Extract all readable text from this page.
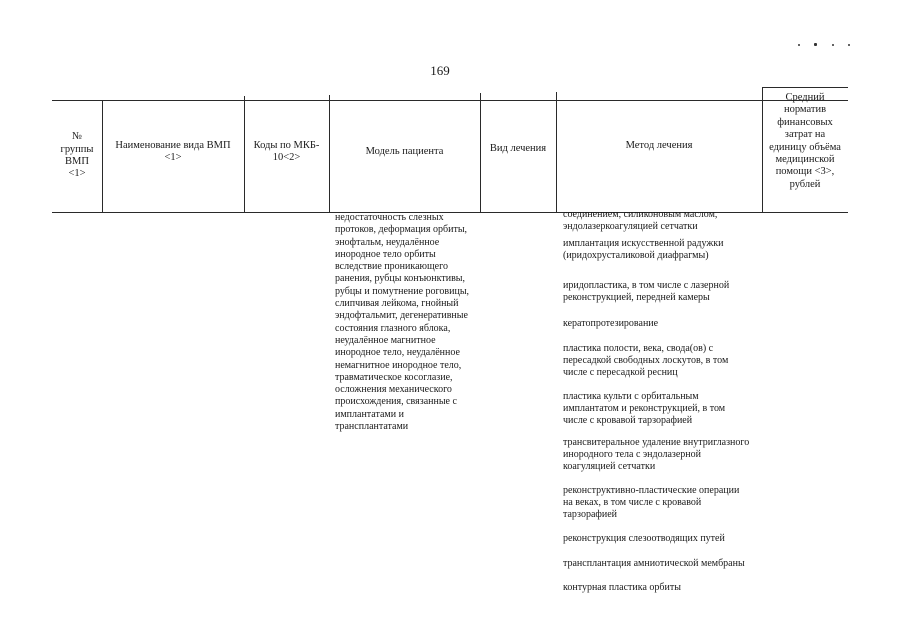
169
№
группы
ВМП
<1>
Наименование вида ВМП
<1>
Коды по МКБ-
10<2>
Модель пациента	Вид лечения	Метод лечения
Средний
норматив
финансовых
затрат на
единицу объёма
медицинской
помощи <3>,
рублей
недостаточность слезных
протоков, деформация орбиты,
энофтальм, неудалённое
инородное тело орбиты
вследствие проникающего
ранения, рубцы конъюнктивы,
рубцы и помутнение роговицы,
слипчивая лейкома, гнойный
эндофтальмит, дегенеративные
состояния глазного яблока,
неудалённое магнитное
инородное тело, неудалённое
немагнитное инородное тело,
травматическое косоглазие,
осложнения механического
происхождения, связанные с
имплантатами и
трансплантатами
соединением, силиконовым маслом,
эндолазеркоагуляцией сетчатки
имплантация искусственной радужки
(иридохрусталиковой диафрагмы)
иридопластика, в том числе с лазерной
реконструкцией, передней камеры
кератопротезирование
пластика полости, века, свода(ов) с
пересадкой свободных лоскутов, в том
числе с пересадкой ресниц
пластика культи с орбитальным
имплантатом и реконструкцией, в том
числе с кровавой тарзорафией
трансвитеральное удаление внутриглазного
инородного тела с эндолазерной
коагуляцией сетчатки
реконструктивно-пластические операции
на веках, в том числе с кровавой
тарзорафией
реконструкция слезоотводящих путей
трансплантация амниотической мембраны
контурная пластика орбиты
